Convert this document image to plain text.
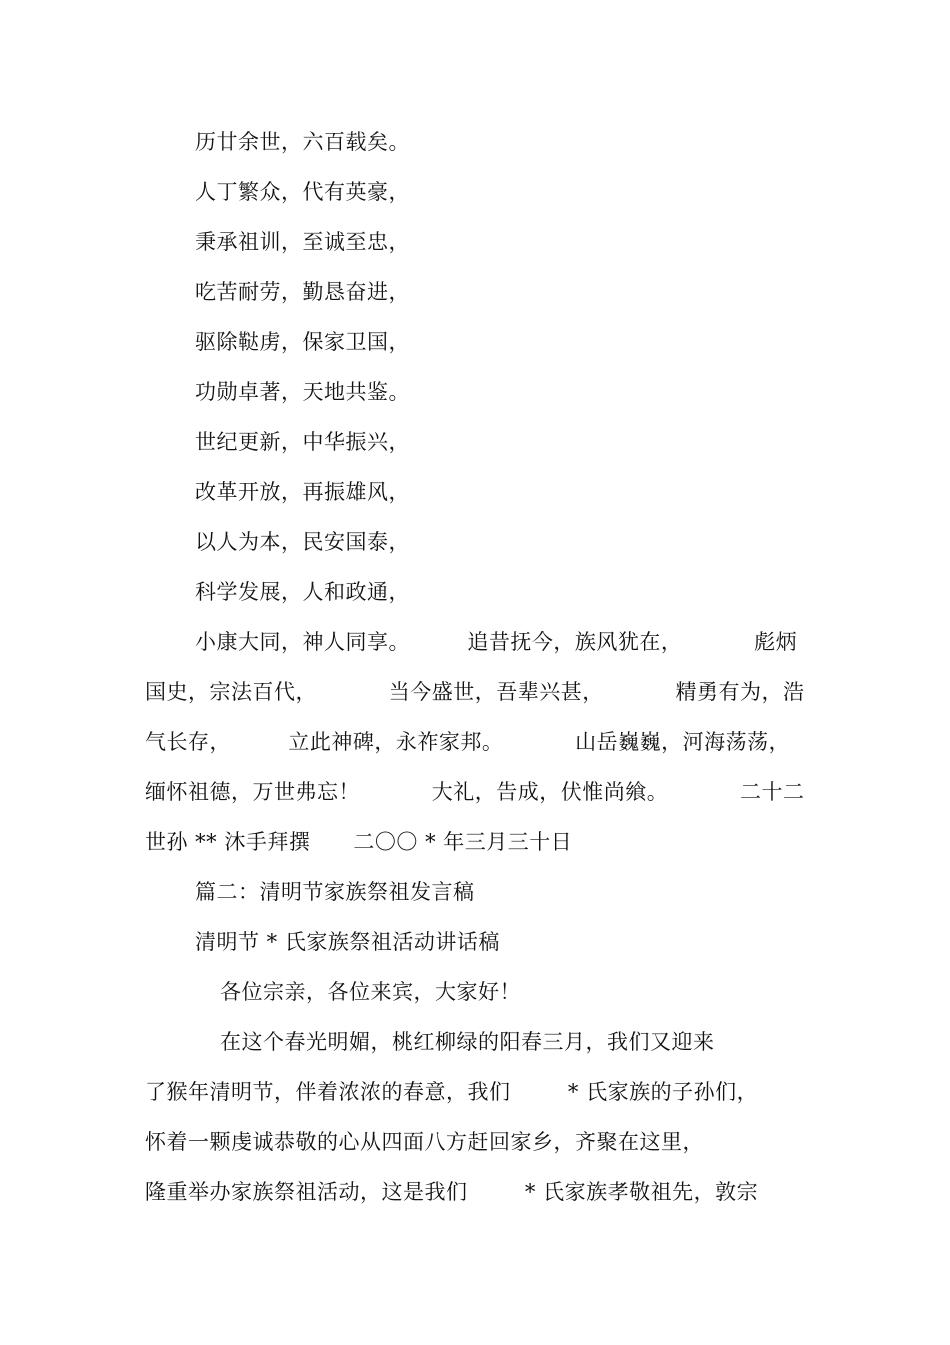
历廿余世，六百载矣。
人丁繁众，代有英豪，
秉承祖训，至诚至忠，
吃苦耐劳，勤恳奋进，
驱除鞑虏，保家卫国，
功勋卓著，天地共鉴。
世纪更新，中华振兴，
改革开放，再振雄风，
以人为本，民安国泰，
科学发展，人和政通，
小康大同，神人同享。        追昔抚今，族风犹在，          彪炳
国史，宗法百代，          当今盛世，吾辈兴甚，          精勇有为，浩
气长存，        立此神碑，永祚家邦。          山岳巍巍，河海荡荡，
缅怀祖德，万世弗忘！          大礼，告成，伏惟尚飨。          二十二
世孙 ** 沐手拜撰      二〇〇 * 年三月三十日
篇二：清明节家族祭祖发言稿
清明节 * 氏家族祭祖活动讲话稿
各位宗亲，各位来宾，大家好！
在这个春光明媚，桃红柳绿的阳春三月，我们又迎来
了猴年清明节，伴着浓浓的春意，我们        * 氏家族的子孙们，
怀着一颗虔诚恭敬的心从四面八方赶回家乡，齐聚在这里，
隆重举办家族祭祖活动，这是我们        * 氏家族孝敬祖先，敦宗
